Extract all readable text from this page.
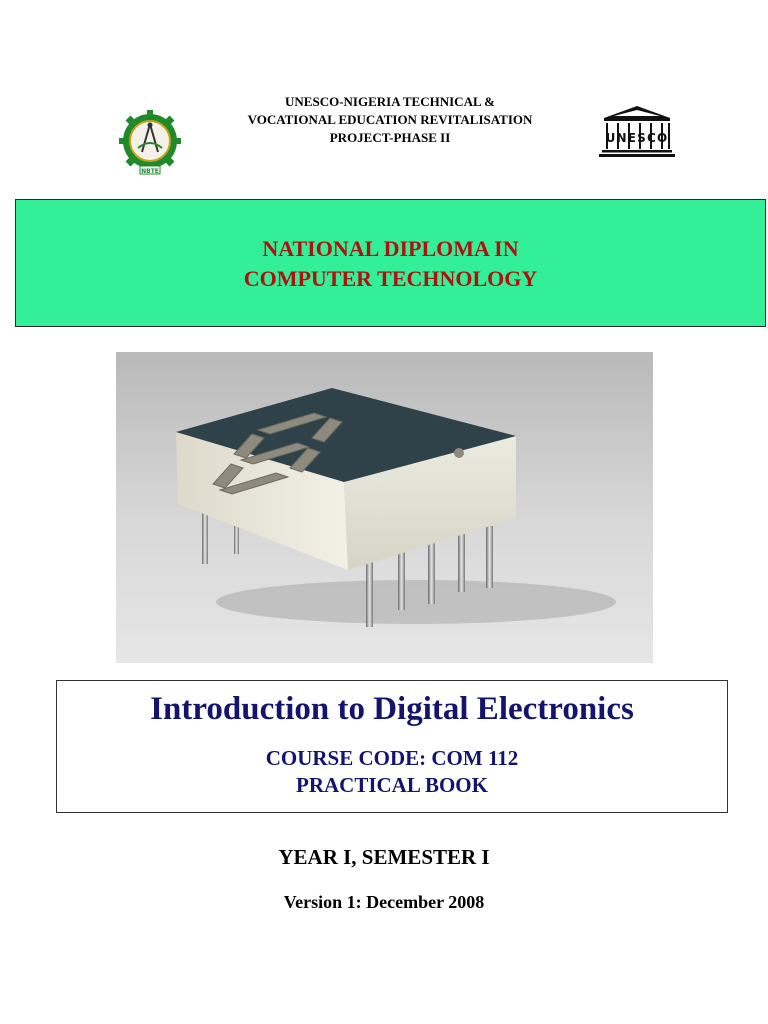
UNESCO-NIGERIA TECHNICAL &
VOCATIONAL EDUCATION REVITALISATION
PROJECT-PHASE II
NBTE
UNESCO
NATIONAL DIPLOMA IN
COMPUTER TECHNOLOGY
Introduction to Digital Electronics
COURSE CODE: COM 112
PRACTICAL BOOK
YEAR I, SEMESTER I
Version 1: December 2008
